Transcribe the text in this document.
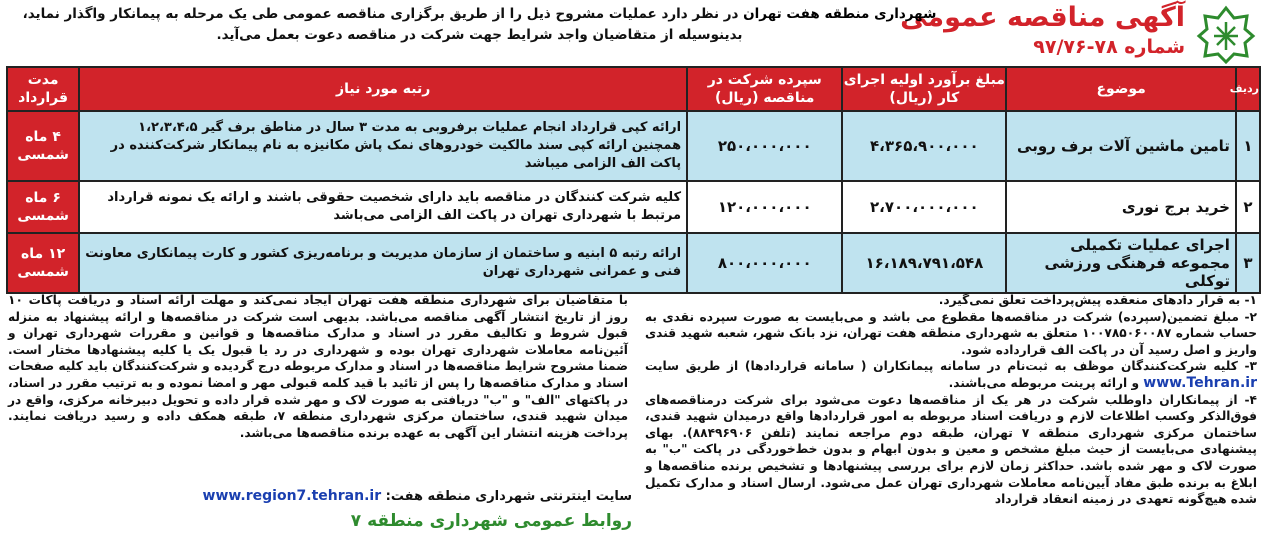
آگهی مناقصه عمومی
شماره ۷۸-۹۷/۷۶
شهرداری منطقه هفت تهران در نظر دارد عملیات مشروح ذیل را از طریق برگزاری مناقصه عمومی طی یک مرحله به پیمانکار واگذار نماید،
بدینوسیله از متقاضیان واجد شرایط جهت شرکت در مناقصه دعوت بعمل می‌آید.
ردیف	موضوع	مبلغ برآورد اولیه اجرای کار (ریال)	سپرده شرکت در مناقصه (ریال)	رتبه مورد نیاز	مدت قرارداد
۱	تامین ماشین آلات برف روبی	۴،۳۶۵،۹۰۰،۰۰۰	۲۵۰،۰۰۰،۰۰۰	ارائه کپی قرارداد انجام عملیات برفروبی به مدت ۳ سال در مناطق برف گیر ۱،۲،۳،۴،۵ همچنین ارائه کپی سند مالکیت خودروهای نمک پاش مکانیزه به نام پیمانکار شرکت‌کننده در پاکت الف الزامی میباشد	۴ ماه شمسی
۲	خرید برج نوری	۲،۷۰۰،۰۰۰،۰۰۰	۱۲۰،۰۰۰،۰۰۰	کلیه شرکت کنندگان در مناقصه باید دارای شخصیت حقوقی باشند و ارائه یک نمونه قرارداد مرتبط با شهرداری تهران در پاکت الف الزامی می‌باشد	۶ ماه شمسی
۳	اجرای عملیات تکمیلی مجموعه فرهنگی ورزشی توکلی	۱۶،۱۸۹،۷۹۱،۵۴۸	۸۰۰،۰۰۰،۰۰۰	ارائه رتبه ۵ ابنیه و ساختمان از سازمان مدیریت و برنامه‌ریزی کشور و کارت پیمانکاری معاونت فنی و عمرانی شهرداری تهران	۱۲ ماه شمسی

۱- به قرار دادهای منعقده پیش‌پرداخت تعلق نمی‌گیرد.

۲- مبلغ تضمین(سپرده) شرکت در مناقصه‌ها مقطوع می باشد و می‌بایست به صورت سپرده نقدی به حساب شماره ۱۰۰۷۸۵۰۶۰۰۸۷ متعلق به شهرداری منطقه هفت تهران، نزد بانک شهر، شعبه شهید قندی واریز و اصل رسید آن در پاکت الف قرارداده شود.

۳- کلیه شرکت‌کنندگان موظف به ثبت‌نام در سامانه پیمانکاران ( سامانه قراردادها) از طریق سایت www.Tehran.ir و ارائه پرینت مربوطه می‌باشند.

۴- از پیمانکاران داوطلب شرکت در هر یک از مناقصه‌ها دعوت می‌شود برای شرکت درمناقصه‌های فوق‌الذکر وکسب اطلاعات لازم و دریافت اسناد مربوطه به امور قراردادها واقع درمیدان شهید قندی، ساختمان مرکزی شهرداری منطقه ۷ تهران، طبقه دوم مراجعه نمایند (تلفن ۸۸۴۹۶۹۰۶). بهای پیشنهادی می‌بایست از حیث مبلغ مشخص و معین و بدون ابهام و بدون خط‌خوردگی در پاکت "ب" به صورت لاک و مهر شده باشد. حداکثر زمان لازم برای بررسی پیشنهادها و تشخیص برنده مناقصه‌ها و ابلاغ به برنده طبق مفاد آیین‌نامه معاملات شهرداری تهران عمل می‌شود. ارسال اسناد و مدارک تکمیل شده هیچ‌گونه تعهدی در زمینه انعقاد قرارداد

با متقاضیان برای شهرداری منطقه هفت تهران ایجاد نمی‌کند و مهلت ارائه اسناد و دریافت پاکات ۱۰ روز از تاریخ انتشار آگهی مناقصه می‌باشد. بدیهی است شرکت در مناقصه‌ها و ارائه پیشنهاد به منزله قبول شروط و تکالیف مقرر در اسناد و مدارک مناقصه‌ها و قوانین و مقررات شهرداری تهران و آئین‌نامه معاملات شهرداری تهران بوده و شهرداری در رد یا قبول یک یا کلیه پیشنهادها مختار است. ضمنا مشروح شرایط مناقصه‌ها در اسناد و مدارک مربوطه درج گردیده و شرکت‌کنندگان باید کلیه صفحات اسناد و مدارک مناقصه‌ها را پس از تائید با قید کلمه قبولی مهر و امضا نموده و به ترتیب مقرر در اسناد، در پاکتهای "الف" و "ب" دریافتی به صورت لاک و مهر شده قرار داده و تحویل دبیرخانه مرکزی، واقع در میدان شهید قندی، ساختمان مرکزی شهرداری منطقه ۷، طبقه همکف داده و رسید دریافت نمایند. پرداخت هزینه انتشار این آگهی به عهده برنده مناقصه‌ها می‌باشد.

سایت اینترنتی شهرداری منطقه هفت: www.region7.tehran.ir
روابط عمومی شهرداری منطقه ۷
